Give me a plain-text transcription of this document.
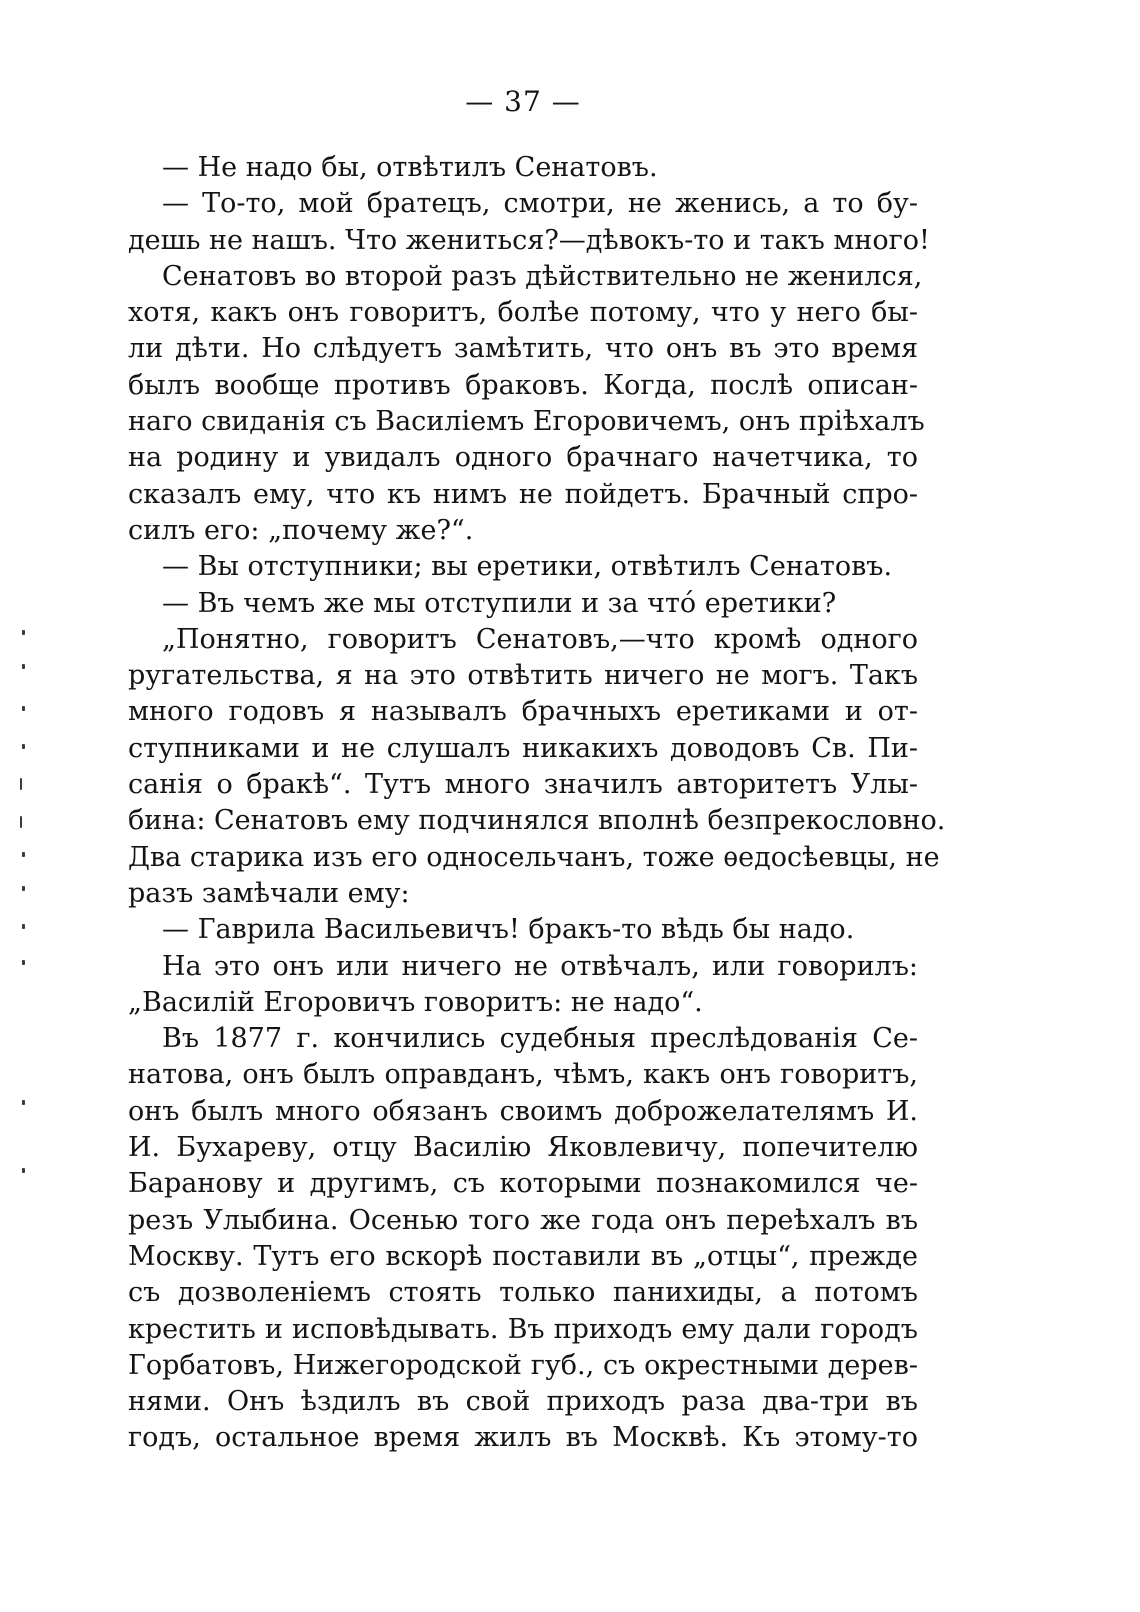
— 37 —
— Не надо бы, отвѣтилъ Сенатовъ.
— То-то, мой братецъ, смотри, не женись, а то бу-
дешь не нашъ. Что жениться?—дѣвокъ-то и такъ много!
Сенатовъ во второй разъ дѣйствительно не женился,
хотя, какъ онъ говоритъ, болѣе потому, что у него бы-
ли дѣти. Но слѣдуетъ замѣтить, что онъ въ это время
былъ вообще противъ браковъ. Когда, послѣ описан-
наго свиданія съ Василіемъ Егоровичемъ, онъ пріѣхалъ
на родину и увидалъ одного брачнаго начетчика, то
сказалъ ему, что къ нимъ не пойдетъ. Брачный спро-
силъ его: „почему же?“.
— Вы отступники; вы еретики, отвѣтилъ Сенатовъ.
— Въ чемъ же мы отступили и за что́ еретики?
„Понятно, говоритъ Сенатовъ,—что кромѣ одного
ругательства, я на это отвѣтить ничего не могъ. Такъ
много годовъ я называлъ брачныхъ еретиками и от-
ступниками и не слушалъ никакихъ доводовъ Св. Пи-
санія о бракѣ“. Тутъ много значилъ авторитетъ Улы-
бина: Сенатовъ ему подчинялся вполнѣ безпрекословно.
Два старика изъ его односельчанъ, тоже ѳедосѣевцы, не
разъ замѣчали ему:
— Гаврила Васильевичъ! бракъ-то вѣдь бы надо.
На это онъ или ничего не отвѣчалъ, или говорилъ:
„Василій Егоровичъ говоритъ: не надо“.
Въ 1877 г. кончились судебныя преслѣдованія Се-
натова, онъ былъ оправданъ, чѣмъ, какъ онъ говоритъ,
онъ былъ много обязанъ своимъ доброжелателямъ И.
И. Бухареву, отцу Василію Яковлевичу, попечителю
Баранову и другимъ, съ которыми познакомился че-
резъ Улыбина. Осенью того же года онъ переѣхалъ въ
Москву. Тутъ его вскорѣ поставили въ „отцы“, прежде
съ дозволеніемъ стоять только панихиды, а потомъ
крестить и исповѣдывать. Въ приходъ ему дали городъ
Горбатовъ, Нижегородской губ., съ окрестными дерев-
нями. Онъ ѣздилъ въ свой приходъ раза два-три въ
годъ, остальное время жилъ въ Москвѣ. Къ этому-то
